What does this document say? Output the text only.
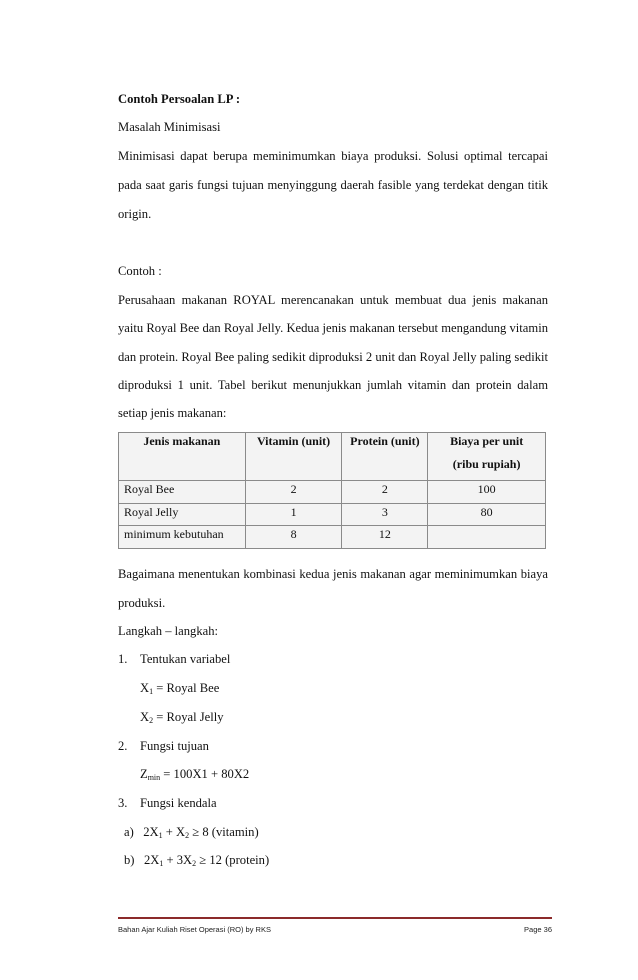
Contoh Persoalan LP :
Masalah Minimisasi
Minimisasi dapat berupa meminimumkan biaya produksi. Solusi optimal tercapai
pada saat garis fungsi tujuan menyinggung daerah fasible yang terdekat dengan titik
origin.
Contoh :
Perusahaan makanan ROYAL merencanakan untuk membuat dua jenis makanan
yaitu Royal Bee dan Royal Jelly. Kedua jenis makanan tersebut mengandung vitamin
dan protein. Royal Bee paling sedikit diproduksi 2 unit dan Royal Jelly paling sedikit
diproduksi 1 unit. Tabel berikut menunjukkan jumlah vitamin dan protein dalam
setiap jenis makanan:
Jenis makanan	Vitamin (unit)	Protein (unit)	Biaya per unit
(ribu rupiah)

Royal Bee	2	2	100
Royal Jelly	1	3	80
minimum kebutuhan	8	12	
Bagaimana menentukan kombinasi kedua jenis makanan agar meminimumkan biaya
produksi.
Langkah – langkah:
1. Tentukan variabel
$X_1$ = Royal Bee
$X_2$ = Royal Jelly
2. Fungsi tujuan
$Z_{min} = 100X1 + 80X2$
3. Fungsi kendala
a) $2X_1 + X_2 \ge 8$ (vitamin)
b) $2X_1 + 3X_2 \ge 12$ (protein)
Bahan Ajar Kuliah Riset Operasi (RO) by RKS	Page 36
